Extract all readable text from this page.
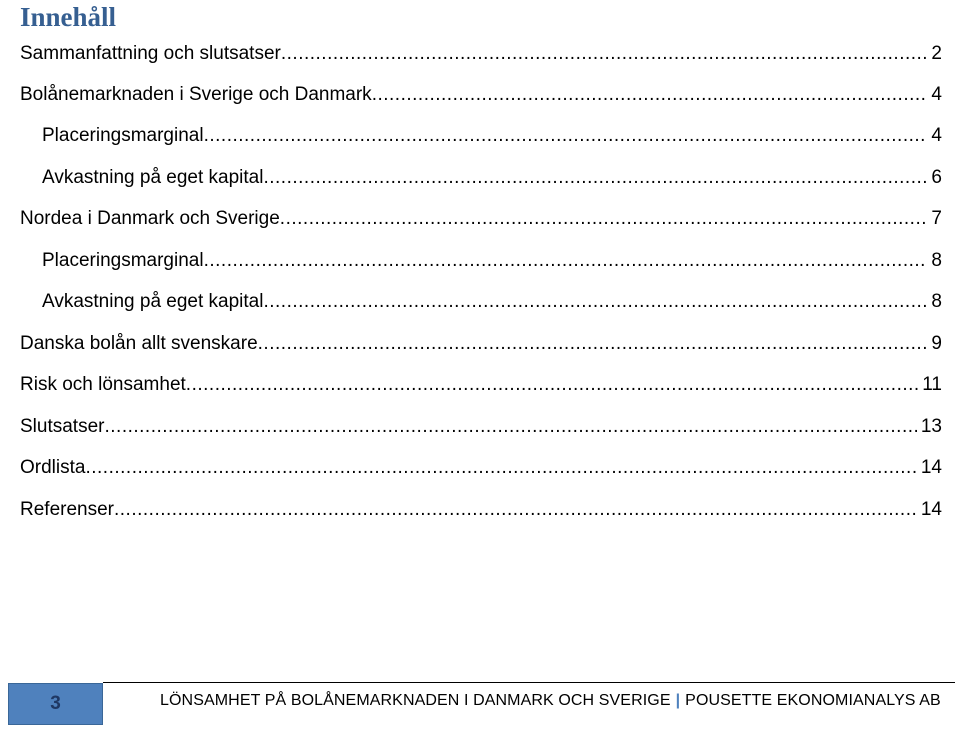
Innehåll
Sammanfattning och slutsatser .....	2
Bolånemarknaden i Sverige och Danmark .....	4
Placeringsmarginal .....	4
Avkastning på eget kapital .....	6
Nordea i Danmark och Sverige .....	7
Placeringsmarginal .....	8
Avkastning på eget kapital .....	8
Danska bolån allt svenskare .....	9
Risk och lönsamhet .....	11
Slutsatser .....	13
Ordlista .....	14
Referenser .....	14
3	LÖNSAMHET PÅ BOLÅNEMARKNADEN I DANMARK OCH SVERIGE | POUSETTE EKONOMIANALYS AB
